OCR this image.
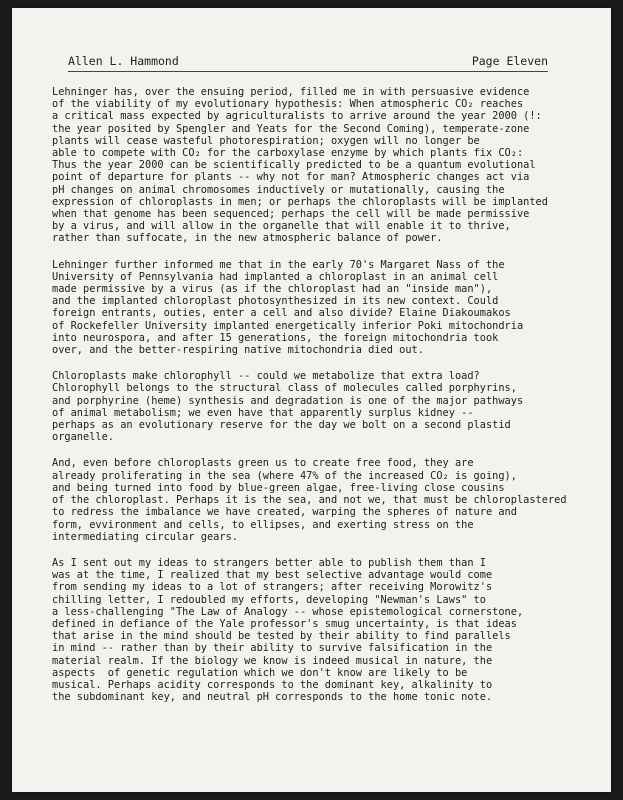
Allen L. Hammond	Page Eleven
Lehninger has, over the ensuing period, filled me in with persuasive evidence
of the viability of my evolutionary hypothesis: When atmospheric CO₂ reaches
a critical mass expected by agriculturalists to arrive around the year 2000 (!:
the year posited by Spengler and Yeats for the Second Coming), temperate-zone
plants will cease wasteful photorespiration; oxygen will no longer be
able to compete with CO₂ for the carboxylase enzyme by which plants fix CO₂:
Thus the year 2000 can be scientifically predicted to be a quantum evolutional
point of departure for plants -- why not for man? Atmospheric changes act via
pH changes on animal chromosomes inductively or mutationally, causing the
expression of chloroplasts in men; or perhaps the chloroplasts will be implanted
when that genome has been sequenced; perhaps the cell will be made permissive
by a virus, and will allow in the organelle that will enable it to thrive,
rather than suffocate, in the new atmospheric balance of power.
Lehninger further informed me that in the early 70's Margaret Nass of the
University of Pennsylvania had implanted a chloroplast in an animal cell
made permissive by a virus (as if the chloroplast had an "inside man"),
and the implanted chloroplast photosynthesized in its new context. Could
foreign entrants, outies, enter a cell and also divide? Elaine Diakoumakos
of Rockefeller University implanted energetically inferior Poki mitochondria
into neurospora, and after 15 generations, the foreign mitochondria took
over, and the better-respiring native mitochondria died out.
Chloroplasts make chlorophyll -- could we metabolize that extra load?
Chlorophyll belongs to the structural class of molecules called porphyrins,
and porphyrine (heme) synthesis and degradation is one of the major pathways
of animal metabolism; we even have that apparently surplus kidney --
perhaps as an evolutionary reserve for the day we bolt on a second plastid
organelle.
And, even before chloroplasts green us to create free food, they are
already proliferating in the sea (where 47% of the increased CO₂ is going),
and being turned into food by blue-green algae, free-living close cousins
of the chloroplast. Perhaps it is the sea, and not we, that must be chloroplastered
to redress the imbalance we have created, warping the spheres of nature and
form, evvironment and cells, to ellipses, and exerting stress on the
intermediating circular gears.
As I sent out my ideas to strangers better able to publish them than I
was at the time, I realized that my best selective advantage would come
from sending my ideas to a lot of strangers; after receiving Morowitz's
chilling letter, I redoubled my efforts, developing "Newman's Laws" to
a less-challenging "The Law of Analogy -- whose epistemological cornerstone,
defined in defiance of the Yale professor's smug uncertainty, is that ideas
that arise in the mind should be tested by their ability to find parallels
in mind -- rather than by their ability to survive falsification in the
material realm. If the biology we know is indeed musical in nature, the
aspects  of genetic regulation which we don't know are likely to be
musical. Perhaps acidity corresponds to the dominant key, alkalinity to
the subdominant key, and neutral pH corresponds to the home tonic note.
